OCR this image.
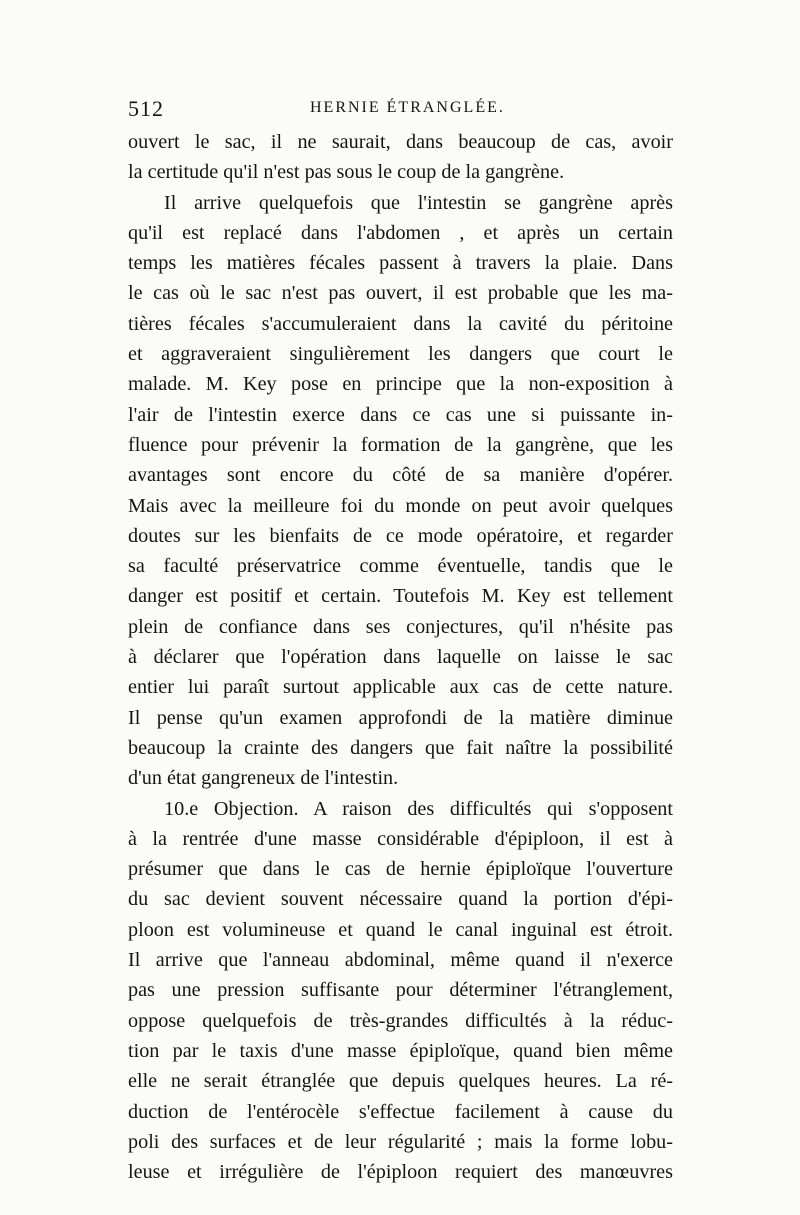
512	HERNIE ÉTRANGLÉE.
ouvert le sac, il ne saurait, dans beaucoup de cas, avoir
la certitude qu'il n'est pas sous le coup de la gangrène.
Il arrive quelquefois que l'intestin se gangrène après
qu'il est replacé dans l'abdomen , et après un certain
temps les matières fécales passent à travers la plaie. Dans
le cas où le sac n'est pas ouvert, il est probable que les ma-
tières fécales s'accumuleraient dans la cavité du péritoine
et aggraveraient singulièrement les dangers que court le
malade. M. Key pose en principe que la non-exposition à
l'air de l'intestin exerce dans ce cas une si puissante in-
fluence pour prévenir la formation de la gangrène, que les
avantages sont encore du côté de sa manière d'opérer.
Mais avec la meilleure foi du monde on peut avoir quelques
doutes sur les bienfaits de ce mode opératoire, et regarder
sa faculté préservatrice comme éventuelle, tandis que le
danger est positif et certain. Toutefois M. Key est tellement
plein de confiance dans ses conjectures, qu'il n'hésite pas
à déclarer que l'opération dans laquelle on laisse le sac
entier lui paraît surtout applicable aux cas de cette nature.
Il pense qu'un examen approfondi de la matière diminue
beaucoup la crainte des dangers que fait naître la possibilité
d'un état gangreneux de l'intestin.
10.e Objection. A raison des difficultés qui s'opposent
à la rentrée d'une masse considérable d'épiploon, il est à
présumer que dans le cas de hernie épiploïque l'ouverture
du sac devient souvent nécessaire quand la portion d'épi-
ploon est volumineuse et quand le canal inguinal est étroit.
Il arrive que l'anneau abdominal, même quand il n'exerce
pas une pression suffisante pour déterminer l'étranglement,
oppose quelquefois de très-grandes difficultés à la réduc-
tion par le taxis d'une masse épiploïque, quand bien même
elle ne serait étranglée que depuis quelques heures. La ré-
duction de l'entérocèle s'effectue facilement à cause du
poli des surfaces et de leur régularité ; mais la forme lobu-
leuse et irrégulière de l'épiploon requiert des manœuvres
